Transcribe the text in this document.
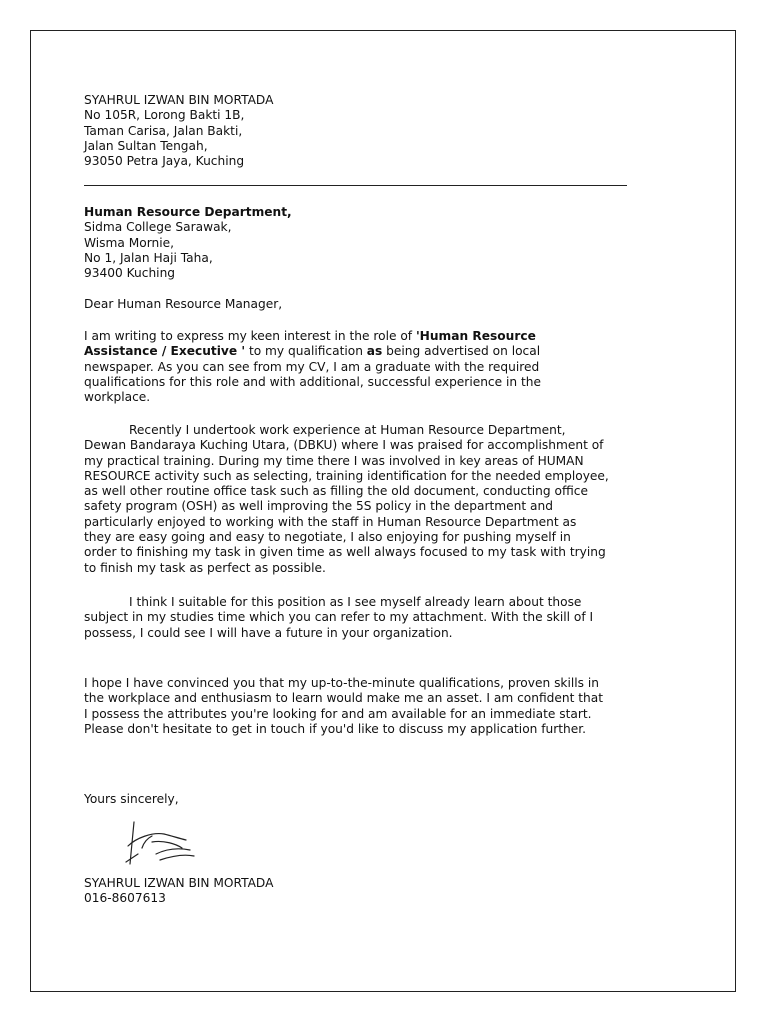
SYAHRUL IZWAN BIN MORTADA
No 105R, Lorong Bakti 1B,
Taman Carisa, Jalan Bakti,
Jalan Sultan Tengah,
93050 Petra Jaya, Kuching
Human Resource Department,
Sidma College Sarawak,
Wisma Mornie,
No 1, Jalan Haji Taha,
93400 Kuching
Dear Human Resource Manager,
I am writing to express my keen interest in the role of 'Human Resource
Assistance / Executive ' to my qualification as being advertised on local
newspaper. As you can see from my CV, I am a graduate with the required
qualifications for this role and with additional, successful experience in the
workplace.
Recently I undertook work experience at Human Resource Department,
Dewan Bandaraya Kuching Utara, (DBKU) where I was praised for accomplishment of
my practical training. During my time there I was involved in key areas of HUMAN
RESOURCE activity such as selecting, training identification for the needed employee,
as well other routine office task such as filling the old document, conducting office
safety program (OSH) as well improving the 5S policy in the department and
particularly enjoyed to working with the staff in Human Resource Department as
they are easy going and easy to negotiate, I also enjoying for pushing myself in
order to finishing my task in given time as well always focused to my task with trying
to finish my task as perfect as possible.
I think I suitable for this position as I see myself already learn about those
subject in my studies time which you can refer to my attachment. With the skill of I
possess, I could see I will have a future in your organization.
I hope I have convinced you that my up-to-the-minute qualifications, proven skills in
the workplace and enthusiasm to learn would make me an asset. I am confident that
I possess the attributes you're looking for and am available for an immediate start.
Please don't hesitate to get in touch if you'd like to discuss my application further.
Yours sincerely,
SYAHRUL IZWAN BIN MORTADA
016-8607613
